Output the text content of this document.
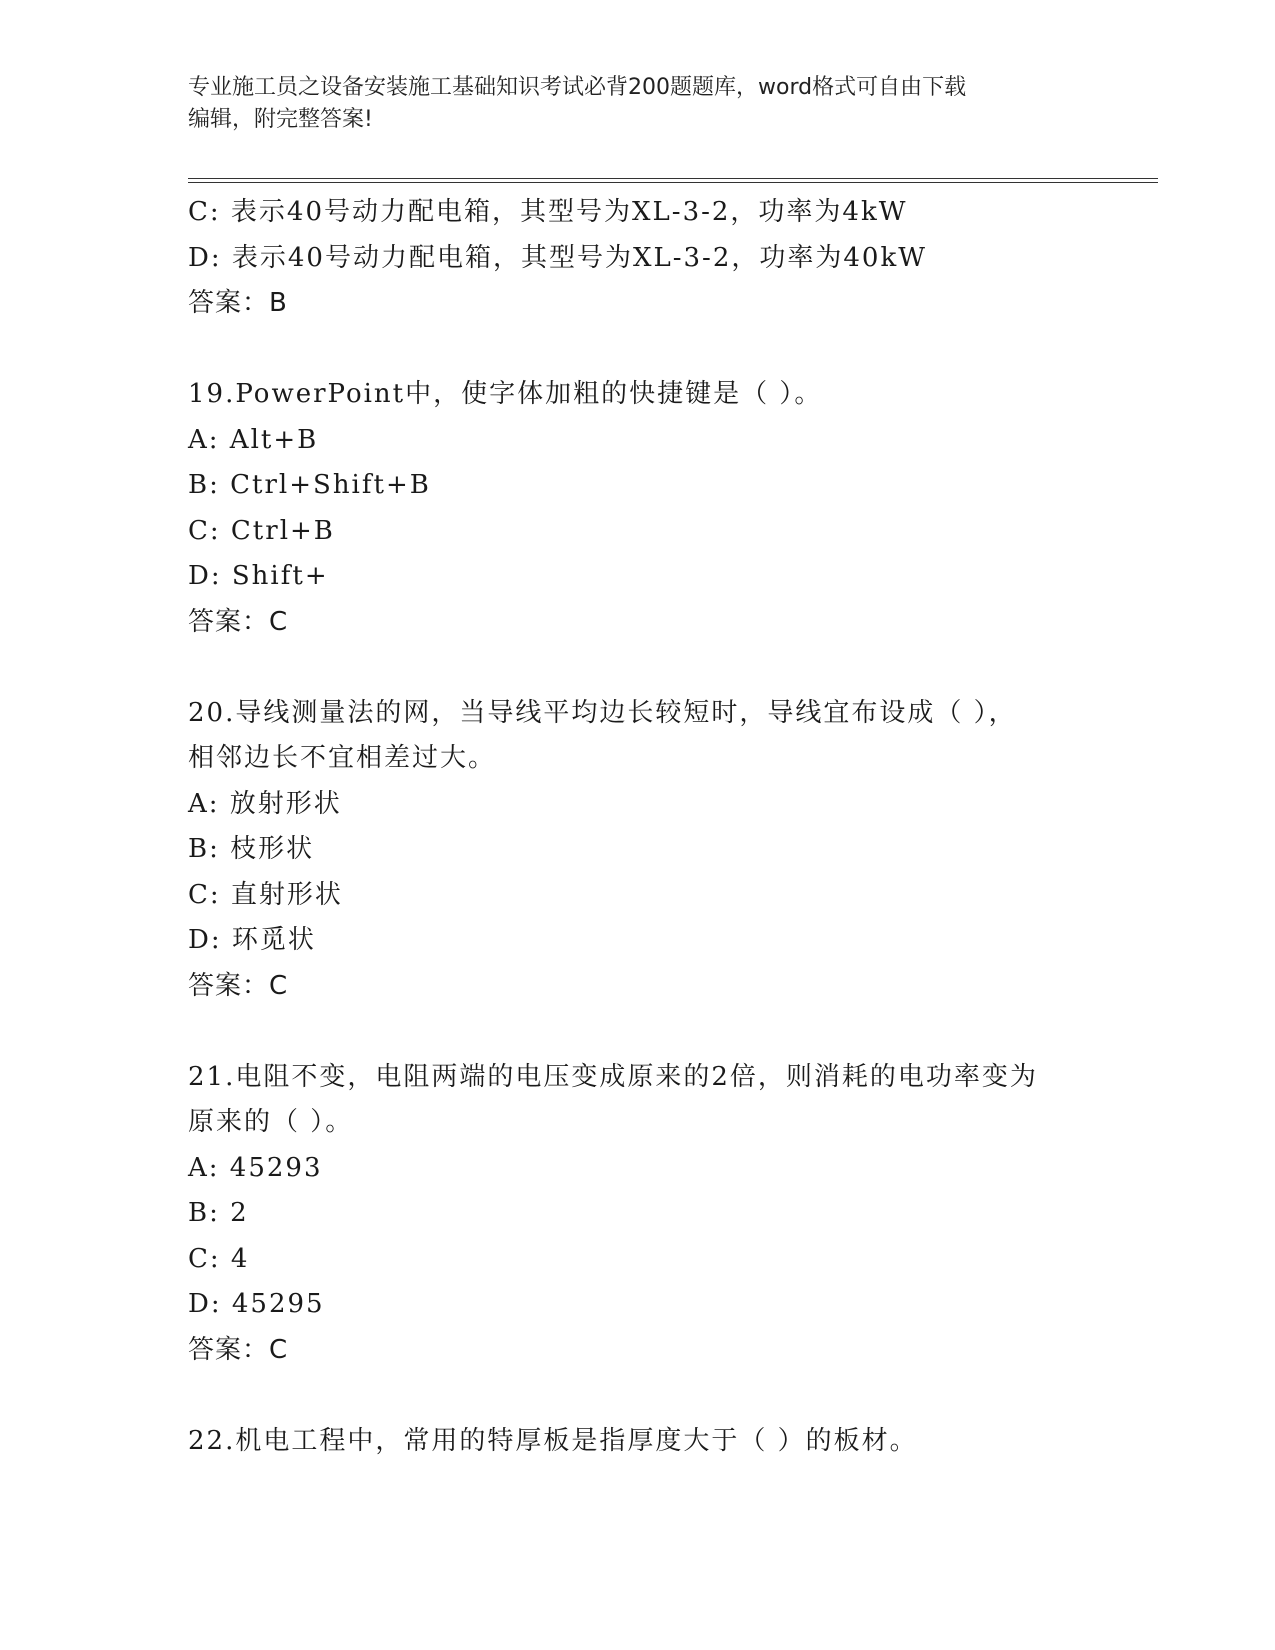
专业施工员之设备安装施工基础知识考试必背200题题库，word格式可自由下载
编辑，附完整答案!
C: 表示40号动力配电箱，其型号为XL-3-2，功率为4kW
D: 表示40号动力配电箱，其型号为XL-3-2，功率为40kW
答案：B
19.PowerPoint中，使字体加粗的快捷键是（ ）。
A: Alt+B
B: Ctrl+Shift+B
C: Ctrl+B
D: Shift+
答案：C
20.导线测量法的网，当导线平均边长较短时，导线宜布设成（ ），
相邻边长不宜相差过大。
A: 放射形状
B: 枝形状
C: 直射形状
D: 环觅状
答案：C
21.电阻不变，电阻两端的电压变成原来的2倍，则消耗的电功率变为
原来的（ ）。
A: 45293
B: 2
C: 4
D: 45295
答案：C
22.机电工程中，常用的特厚板是指厚度大于（ ）的板材。
